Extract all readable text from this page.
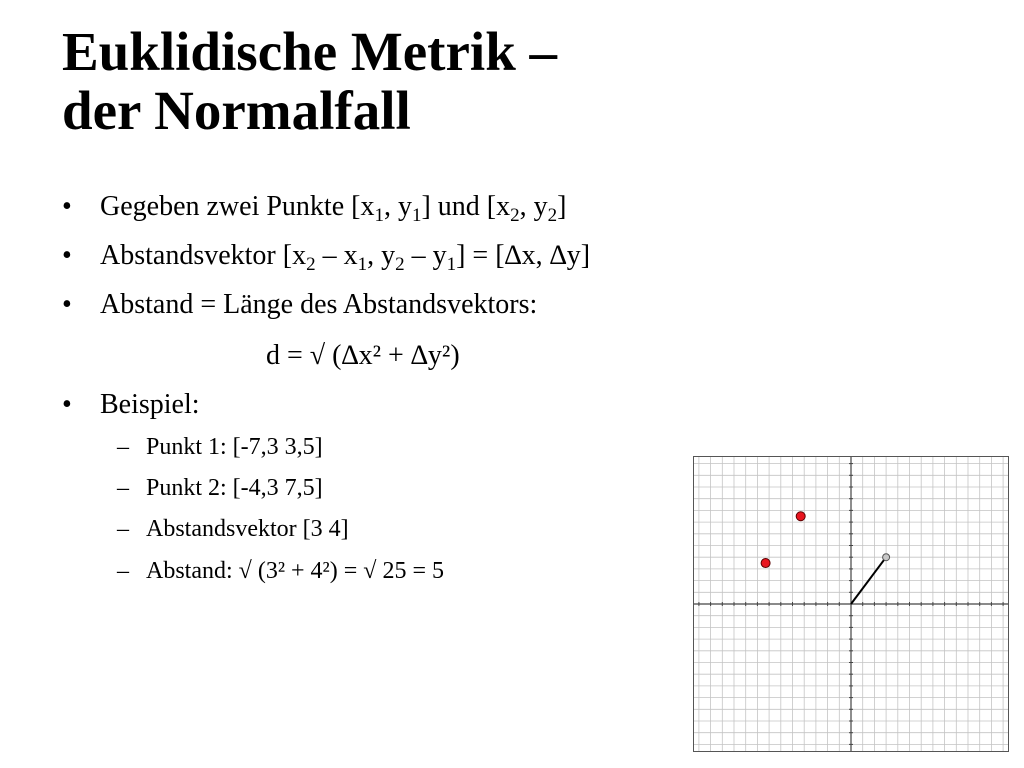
Euklidische Metrik –
der Normalfall
• Gegeben zwei Punkte [$x_1$, $y_1$] und [$x_2$, $y_2$]
• Abstandsvektor [$x_2 - x_1$, $y_2 - y_1] = [\Delta x$, ∆y]
• Abstand = Länge des Abstandsvektors:
d = √ (∆x² + ∆y²)
• Beispiel:
– Punkt 1: [-7,3 3,5]
– Punkt 2: [-4,3 7,5]
– Abstandsvektor [3 4]
– Abstand: √ (3² + 4²) = √ 25 = 5
